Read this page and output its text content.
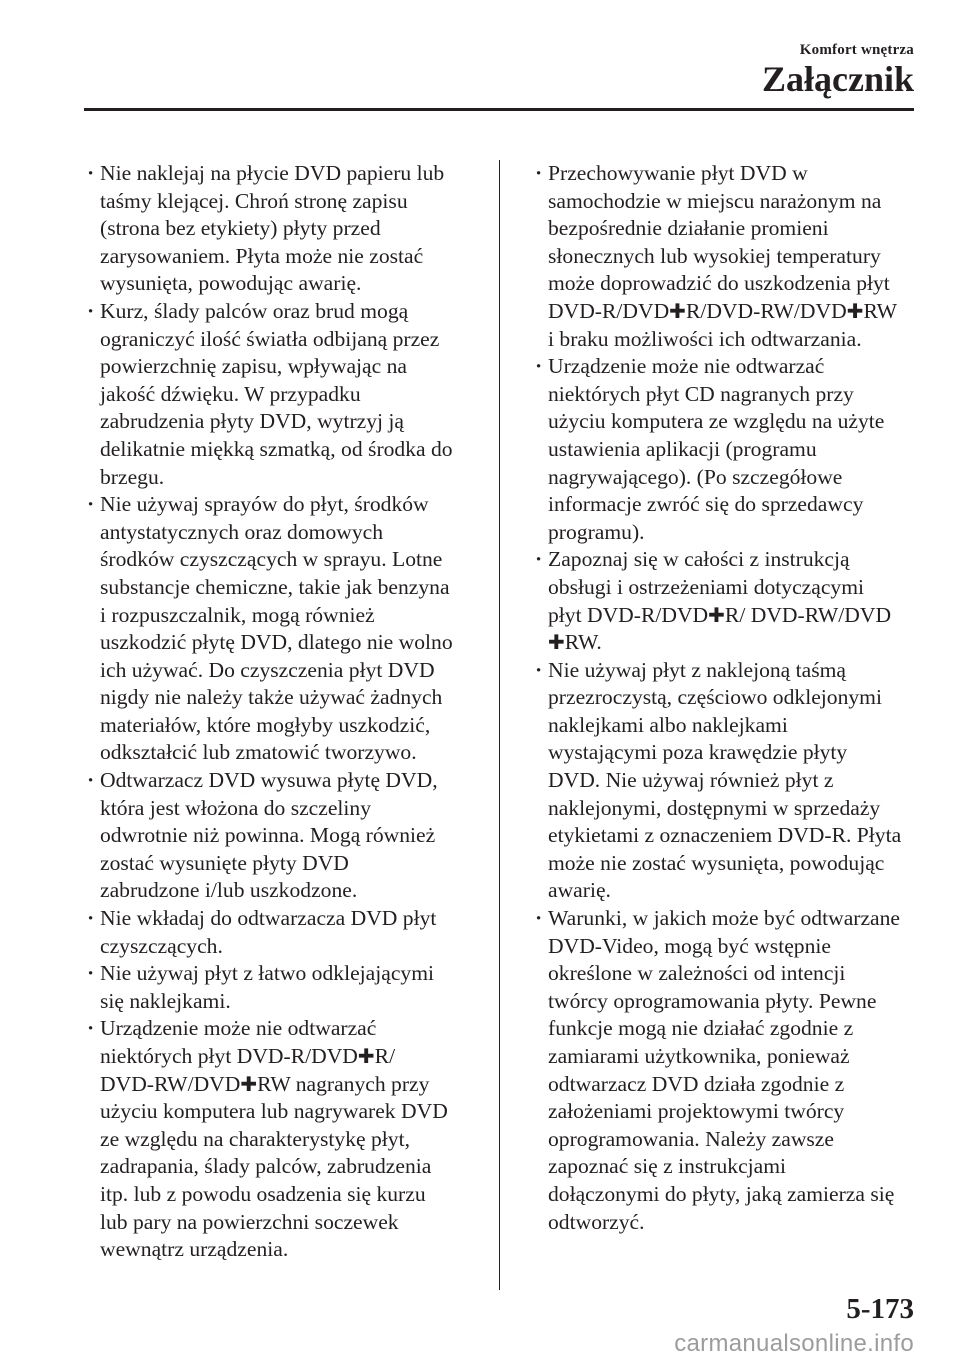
Komfort wnętrza
Załącznik
· Nie naklejaj na płycie DVD papieru lub
taśmy klejącej. Chroń stronę zapisu
(strona bez etykiety) płyty przed
zarysowaniem. Płyta może nie zostać
wysunięta, powodując awarię.
· Kurz, ślady palców oraz brud mogą
ograniczyć ilość światła odbijaną przez
powierzchnię zapisu, wpływając na
jakość dźwięku. W przypadku
zabrudzenia płyty DVD, wytrzyj ją
delikatnie miękką szmatką, od środka do
brzegu.
· Nie używaj sprayów do płyt, środków
antystatycznych oraz domowych
środków czyszczących w sprayu. Lotne
substancje chemiczne, takie jak benzyna
i rozpuszczalnik, mogą również
uszkodzić płytę DVD, dlatego nie wolno
ich używać. Do czyszczenia płyt DVD
nigdy nie należy także używać żadnych
materiałów, które mogłyby uszkodzić,
odkształcić lub zmatowić tworzywo.
· Odtwarzacz DVD wysuwa płytę DVD,
która jest włożona do szczeliny
odwrotnie niż powinna. Mogą również
zostać wysunięte płyty DVD
zabrudzone i/lub uszkodzone.
· Nie wkładaj do odtwarzacza DVD płyt
czyszczących.
· Nie używaj płyt z łatwo odklejającymi
się naklejkami.
· Urządzenie może nie odtwarzać
niektórych płyt DVD-R/DVD✚R/
DVD-RW/DVD✚RW nagranych przy
użyciu komputera lub nagrywarek DVD
ze względu na charakterystykę płyt,
zadrapania, ślady palców, zabrudzenia
itp. lub z powodu osadzenia się kurzu
lub pary na powierzchni soczewek
wewnątrz urządzenia.
· Przechowywanie płyt DVD w
samochodzie w miejscu narażonym na
bezpośrednie działanie promieni
słonecznych lub wysokiej temperatury
może doprowadzić do uszkodzenia płyt
DVD-R/DVD✚R/DVD-RW/DVD✚RW
i braku możliwości ich odtwarzania.
· Urządzenie może nie odtwarzać
niektórych płyt CD nagranych przy
użyciu komputera ze względu na użyte
ustawienia aplikacji (programu
nagrywającego). (Po szczegółowe
informacje zwróć się do sprzedawcy
programu).
· Zapoznaj się w całości z instrukcją
obsługi i ostrzeżeniami dotyczącymi
płyt DVD-R/DVD✚R/ DVD-RW/DVD
✚RW.
· Nie używaj płyt z naklejoną taśmą
przezroczystą, częściowo odklejonymi
naklejkami albo naklejkami
wystającymi poza krawędzie płyty
DVD. Nie używaj również płyt z
naklejonymi, dostępnymi w sprzedaży
etykietami z oznaczeniem DVD-R. Płyta
może nie zostać wysunięta, powodując
awarię.
· Warunki, w jakich może być odtwarzane
DVD-Video, mogą być wstępnie
określone w zależności od intencji
twórcy oprogramowania płyty. Pewne
funkcje mogą nie działać zgodnie z
zamiarami użytkownika, ponieważ
odtwarzacz DVD działa zgodnie z
założeniami projektowymi twórcy
oprogramowania. Należy zawsze
zapoznać się z instrukcjami
dołączonymi do płyty, jaką zamierza się
odtworzyć.
5-173
carmanualsonline.info
